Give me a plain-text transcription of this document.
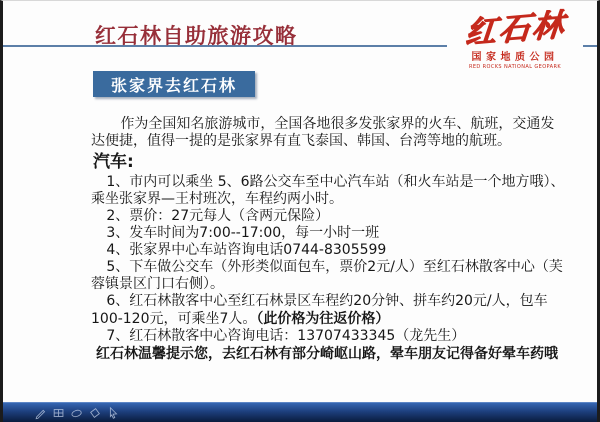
红石林自助旅游攻略	红石林
国家地质公园
RED ROCKS NATIONAL GEOPARK
张家界去红石林

作为全国知名旅游城市，全国各地很多发张家界的火车、航班，交通发达便捷，值得一提的是张家界有直飞泰国、韩国、台湾等地的航班。

汽车:

1、市内可以乘坐 5、6路公交车至中心汽车站（和火车站是一个地方哦）、乘坐张家界—王村班次，车程约两小时。

2、票价：27元每人（含两元保险）

3、发车时间为7:00--17:00，每一小时一班

4、张家界中心车站咨询电话0744-8305599

5、下车做公交车（外形类似面包车，票价2元/人）至红石林散客中心（芙蓉镇景区门口右侧）。

6、红石林散客中心至红石林景区车程约20分钟、拼车约20元/人，包车100-120元，可乘坐7人。（此价格为往返价格）

7、红石林散客中心咨询电话：13707433345（龙先生）

红石林温馨提示您，去红石林有部分崎岖山路，晕车朋友记得备好晕车药哦
